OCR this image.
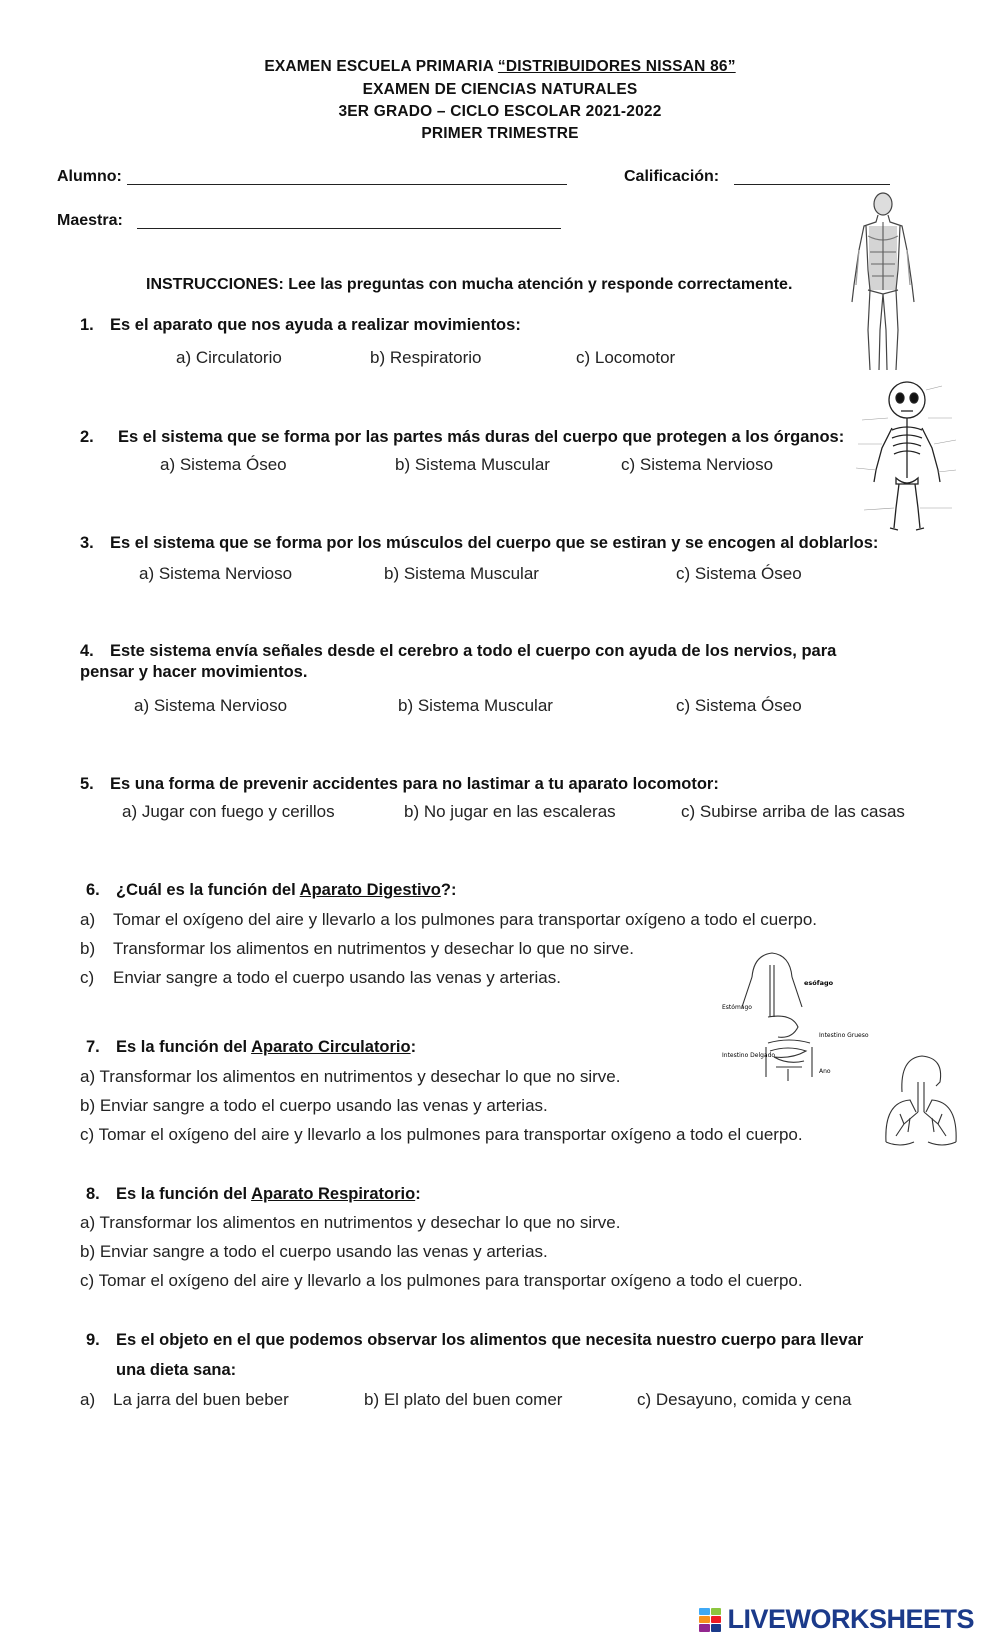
EXAMEN ESCUELA PRIMARIA “DISTRIBUIDORES NISSAN 86”
EXAMEN DE CIENCIAS NATURALES
3ER GRADO – CICLO ESCOLAR 2021-2022
PRIMER TRIMESTRE
Alumno:	Calificación:
Maestra:
INSTRUCCIONES: Lee las preguntas con mucha atención y responde correctamente.
1. Es el aparato que nos ayuda a realizar movimientos:
a) Circulatorio	b) Respiratorio	c) Locomotor
2. Es el sistema que se forma por las partes más duras del cuerpo que protegen a los órganos:
a) Sistema Óseo	b) Sistema Muscular	c) Sistema Nervioso
3. Es el sistema que se forma por los músculos del cuerpo que se estiran y se encogen al doblarlos:
a) Sistema Nervioso	b) Sistema Muscular	c) Sistema Óseo
4. Este sistema envía señales desde el cerebro a todo el cuerpo con ayuda de los nervios, para
pensar y hacer movimientos.
a) Sistema Nervioso	b) Sistema Muscular	c) Sistema Óseo
5. Es una forma de prevenir accidentes para no lastimar a tu aparato locomotor:
a) Jugar con fuego y cerillos	b) No jugar en las escaleras	c) Subirse arriba de las casas
6. ¿Cuál es la función del Aparato Digestivo?:
a) Tomar el oxígeno del aire y llevarlo a los pulmones para transportar oxígeno a todo el cuerpo.
b) Transformar los alimentos en nutrimentos y desechar lo que no sirve.
c) Enviar sangre a todo el cuerpo usando las venas y arterias.
7. Es la función del Aparato Circulatorio:
a) Transformar los alimentos en nutrimentos y desechar lo que no sirve.
b) Enviar sangre a todo el cuerpo usando las venas y arterias.
c) Tomar el oxígeno del aire y llevarlo a los pulmones para transportar oxígeno a todo el cuerpo.
8. Es la función del Aparato Respiratorio:
a) Transformar los alimentos en nutrimentos y desechar lo que no sirve.
b) Enviar sangre a todo el cuerpo usando las venas y arterias.
c) Tomar el oxígeno del aire y llevarlo a los pulmones para transportar oxígeno a todo el cuerpo.
9. Es el objeto en el que podemos observar los alimentos que necesita nuestro cuerpo para llevar
una dieta sana:
a) La jarra del buen beber	b) El plato del buen comer	c) Desayuno, comida y cena
esófago
Estómago
Intestino Grueso
Intestino Delgado
Ano
LIVEWORKSHEETS
